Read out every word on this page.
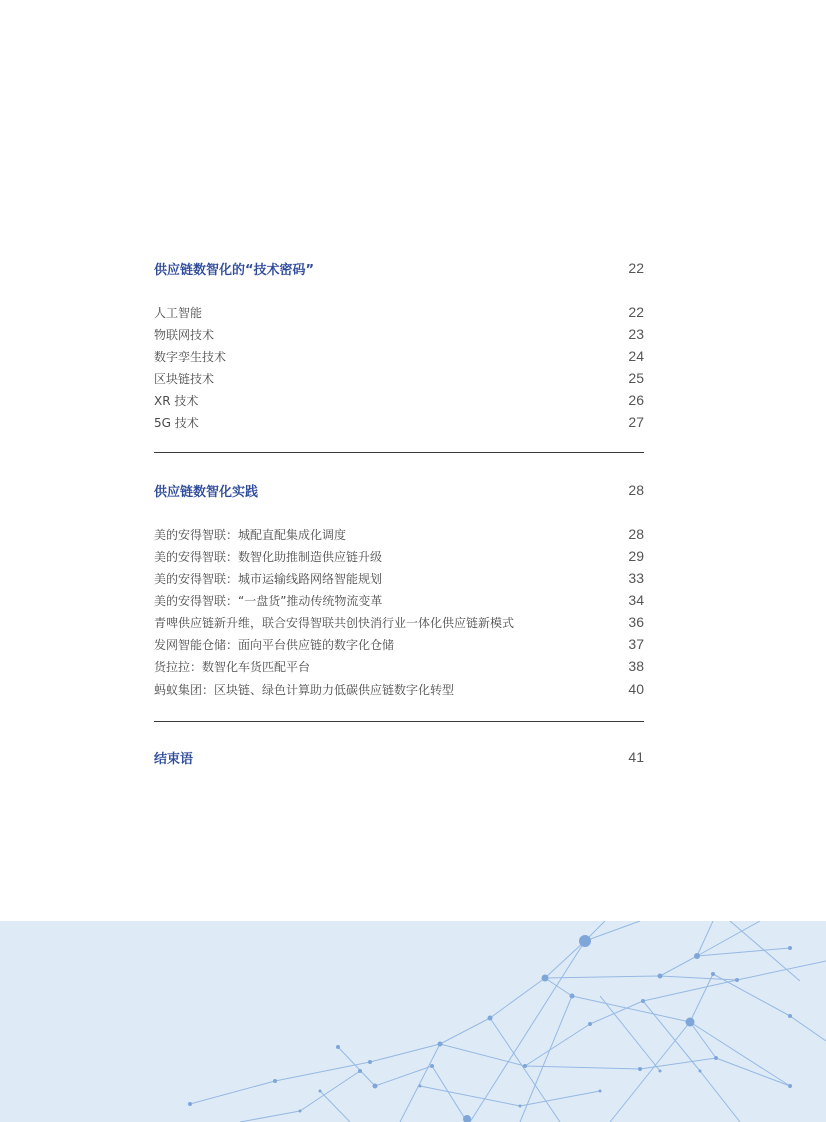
供应链数智化的“技术密码”	22
人工智能	22
物联网技术	23
数字孪生技术	24
区块链技术	25
XR 技术	26
5G 技术	27
供应链数智化实践	28
美的安得智联：城配直配集成化调度	28
美的安得智联：数智化助推制造供应链升级	29
美的安得智联：城市运输线路网络智能规划	33
美的安得智联：“一盘货”推动传统物流变革	34
青啤供应链新升维，联合安得智联共创快消行业一体化供应链新模式	36
发网智能仓储：面向平台供应链的数字化仓储	37
货拉拉：数智化车货匹配平台	38
蚂蚁集团：区块链、绿色计算助力低碳供应链数字化转型	40
结束语	41
